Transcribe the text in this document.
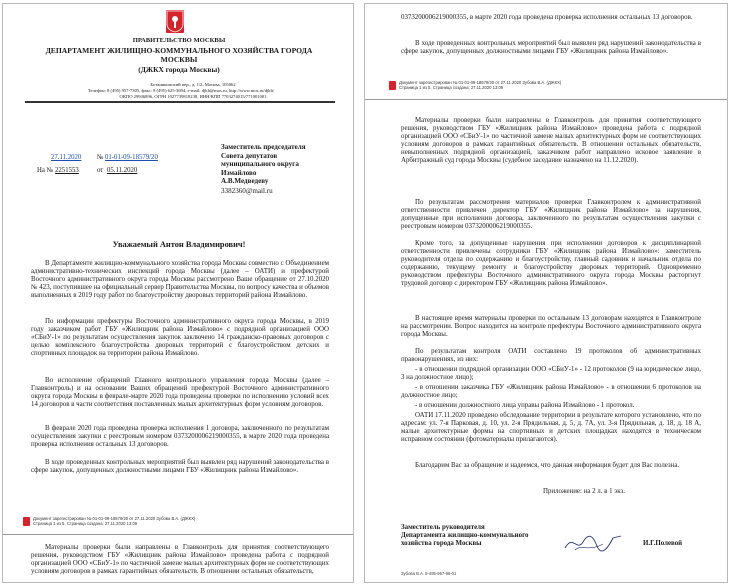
ПРАВИТЕЛЬСТВО МОСКВЫ
ДЕПАРТАМЕНТ ЖИЛИЩНО-КОММУНАЛЬНОГО ХОЗЯЙСТВА ГОРОДА МОСКВЫ
(ДЖКХ города Москвы)
Ботаникомский пер., д. 1/2, Москва, 105062
Телефон: 8 (495) 957-7305, факс: 8 (495) 625-3694, e-mail: djkh@mos.ru, http://www.mos.ru/djkh/
ОКПО 29946896, ОГРН 1027739818238, ИНН/КПП 7703274015/771001001
27.11.2020 № 01-01-09-18579/20
На № 2251553	от 05.11.2020
Заместитель председателя
Совета депутатов
муниципального округа
Измайлово
А.В.Медведеву
3382360@mail.ru
Уважаемый Антон Владимирович!

В Департаменте жилищно-коммунального хозяйства города Москвы совместно с Объединением административно-технических инспекций города Москвы (далее – ОАТИ) и префектурой Восточного административного округа города Москвы рассмотрено Ваше обращение от 27.10.2020 № 423, поступившее на официальный сервер Правительства Москвы, по вопросу качества и объемов выполненных в 2019 году работ по благоустройству дворовых территорий района Измайлово.

По информации префектуры Восточного административного округа города Москвы, в 2019 году заказчиком работ ГБУ «Жилищник района Измайлово» с подрядной организацией ООО «СБиУ-1» по результатам осуществления закупок заключено 14 гражданско-правовых договоров с целью комплексного благоустройства дворовых территорий с благоустройством детских и спортивных площадок на территории района Измайлово.

Во исполнение обращений Главного контрольного управления города Москвы (далее – Главконтроль) и на основании Ваших обращений префектурой Восточного административного округа города Москвы в феврале-марте 2020 года проведены проверки по исполнению условий всех 14 договоров в части соответствия поставленных малых архитектурных форм условиям договоров.

В феврале 2020 года проведена проверка исполнения 1 договора, заключенного по результатам осуществления закупки с реестровым номером 0373200006219000355, в марте 2020 года проведена проверка исполнения остальных 13 договоров.

В ходе проведенных контрольных мероприятий был выявлен ряд нарушений законодательства в сфере закупок, допущенных должностными лицами ГБУ «Жилищник района Измайлово».

Документ зарегистрирован № 01-01-09-18579/20 от 27.11.2020 Зубова В.А. (ДЖКХ)
Страница 1 из 5. Страница создана: 27.11.2020 13:09

Материалы проверки были направлены в Главконтроль для принятия соответствующего решения, руководством ГБУ «Жилищник района Измайлово» проведена работа с подрядной организацией ООО «СБиУ-1» по частичной замене малых архитектурных форм не соответствующих условиям договоров в рамках гарантийных обязательств. В отношении остальных обязательств,

0373200006219000355, в марте 2020 года проведена проверка исполнения остальных 13 договоров.

В ходе проведенных контрольных мероприятий был выявлен ряд нарушений законодательства в сфере закупок, допущенных должностными лицами ГБУ «Жилищник района Измайлово».

Документ зарегистрирован № 01-01-09-18579/20 от 27.11.2020 Зубова В.А. (ДЖКХ)
Страница 1 из 5. Страница создана: 27.11.2020 13:09

Материалы проверки были направлены в Главконтроль для принятия соответствующего решения, руководством ГБУ «Жилищник района Измайлово» проведена работа с подрядной организацией ООО «СБиУ-1» по частичной замене малых архитектурных форм не соответствующих условиям договоров в рамках гарантийных обязательств. В отношении остальных обязательств, невыполненных подрядной организацией, заказчиком работ направлено исковое заявление в Арбитражный суд города Москвы (судебное заседание назначено на 11.12.2020).

По результатам рассмотрения материалов проверки Главконтролем к административной ответственности привлечен директор ГБУ «Жилищник района Измайлово» за нарушения, допущенные при исполнении договора, заключенного по результатам осуществления закупки с реестровым номером 0373200006219000355.

Кроме того, за допущенные нарушения при исполнении договоров к дисциплинарной ответственности привлечены сотрудники ГБУ «Жилищник района Измайлово»: заместитель руководителя отдела по содержанию и благоустройству, главный садовник и начальник отдела по содержанию, текущему ремонту и благоустройству дворовых территорий. Одновременно руководством префектуры Восточного административного округа города Москвы расторгнут трудовой договор с директором ГБУ «Жилищник района Измайлово».

В настоящее время материалы проверки по остальным 13 договорам находятся в Главконтроле на рассмотрении. Вопрос находится на контроле префектуры Восточного административного округа города Москвы.

По результатам контроля ОАТИ составлено 19 протоколов об административных правонарушениях, из них:

- в отношении подрядной организации ООО «СБиУ-1» - 12 протоколов (9 на юридическое лицо, 3 на должностное лицо);

- в отношении заказчика ГБУ «Жилищник района Измайлово» - в отношении 6 протоколов на должностное лицо;

- в отношении должностного лица управы района Измайлово - 1 протокол.

ОАТИ 17.11.2020 проведено обследование территории в результате которого установлено, что по адресам: ул. 7-я Парковая, д. 10, ул. 2-я Прядильная, д. 5, д. 7А, ул. 3-я Прядильная, д. 18, д. 18 А, малые архитектурные формы на спортивных и детских площадках находятся в техническом исправном состоянии (фотоматериалы прилагаются).

Благодарим Вас за обращение и надеемся, что данная информация будет для Вас полезна.

Приложение: на 2 л. в 1 экз.
Заместитель руководителя
Департамента жилищно-коммунального
хозяйства города Москвы	И.Г.Полевой
Зубова В.А. 8-495-957-96-01
